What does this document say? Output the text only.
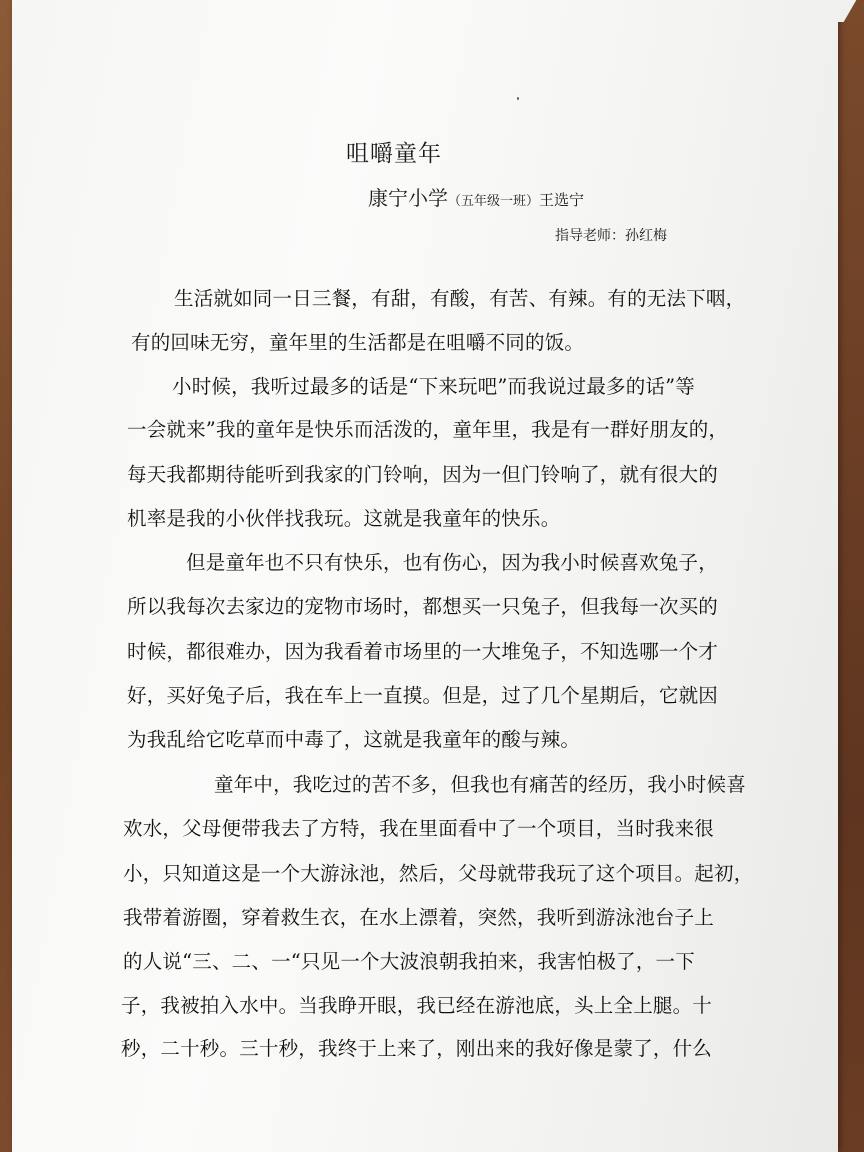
咀嚼童年
康宁小学（五年级一班）王选宁
指导老师：孙红梅
生活就如同一日三餐，有甜，有酸，有苦、有辣。有的无法下咽，
有的回味无穷，童年里的生活都是在咀嚼不同的饭。
小时候，我听过最多的话是“下来玩吧”而我说过最多的话”等
一会就来”我的童年是快乐而活泼的，童年里，我是有一群好朋友的，
每天我都期待能听到我家的门铃响，因为一但门铃响了，就有很大的
机率是我的小伙伴找我玩。这就是我童年的快乐。
但是童年也不只有快乐，也有伤心，因为我小时候喜欢兔子，
所以我每次去家边的宠物市场时，都想买一只兔子，但我每一次买的
时候，都很难办，因为我看着市场里的一大堆兔子，不知选哪一个才
好，买好兔子后，我在车上一直摸。但是，过了几个星期后，它就因
为我乱给它吃草而中毒了，这就是我童年的酸与辣。
童年中，我吃过的苦不多，但我也有痛苦的经历，我小时候喜
欢水，父母便带我去了方特，我在里面看中了一个项目，当时我来很
小，只知道这是一个大游泳池，然后，父母就带我玩了这个项目。起初，
我带着游圈，穿着救生衣，在水上漂着，突然，我听到游泳池台子上
的人说“三、二、一“只见一个大波浪朝我拍来，我害怕极了，一下
子，我被拍入水中。当我睁开眼，我已经在游池底，头上全上腿。十
秒，二十秒。三十秒，我终于上来了，刚出来的我好像是蒙了，什么
